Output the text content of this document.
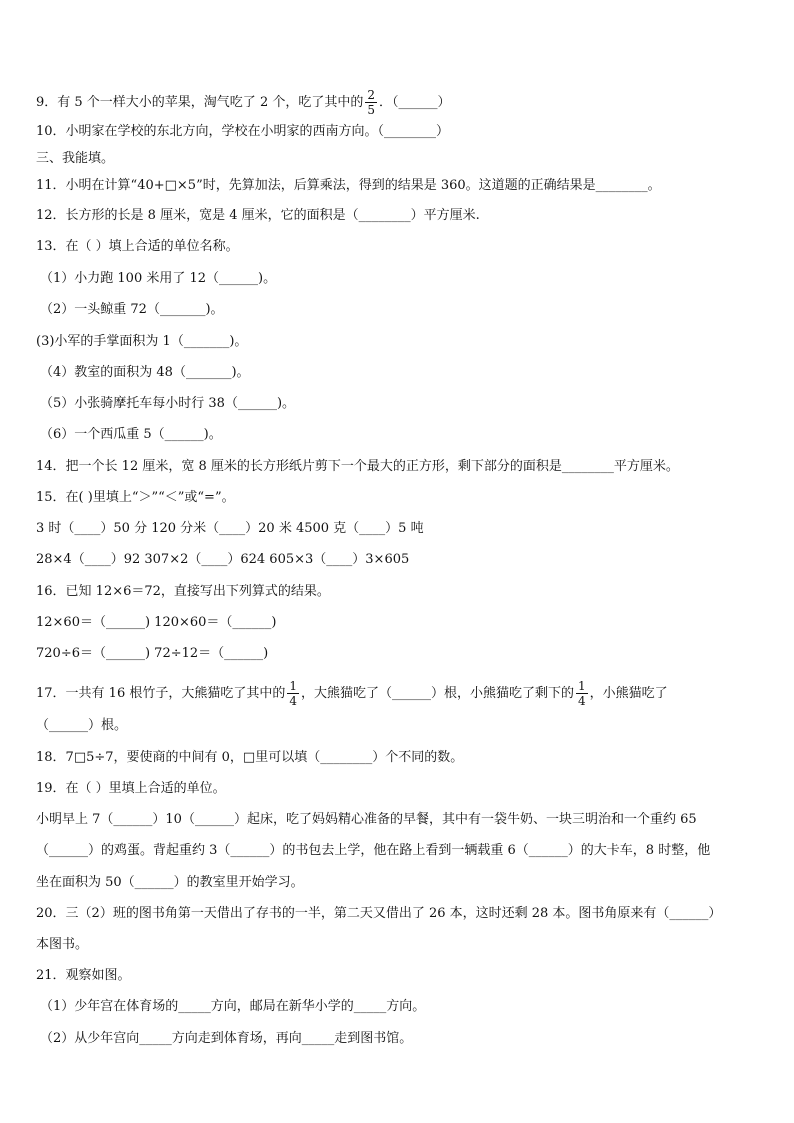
9．有 5 个一样大小的苹果，淘气吃了 2 个，吃了其中的 $\frac{2}{5}$ ．（______）
10．小明家在学校的东北方向，学校在小明家的西南方向。（________）
三、我能填。
11．小明在计算“40+□×5”时，先算加法，后算乘法，得到的结果是 360。这道题的正确结果是________。
12．长方形的长是 8 厘米，宽是 4 厘米，它的面积是（________）平方厘米.
13．在（ ）填上合适的单位名称。
（1）小力跑 100 米用了 12（______)。
（2）一头鲸重 72（_______)。
(3)小军的手掌面积为 1（_______)。
（4）教室的面积为 48（_______)。
（5）小张骑摩托车每小时行 38（______)。
（6）一个西瓜重 5（______)。
14．把一个长 12 厘米，宽 8 厘米的长方形纸片剪下一个最大的正方形，剩下部分的面积是________平方厘米。
15．在( )里填上“＞”“＜”或“=”。
3 时（____）50 分 120 分米（____）20 米 4500 克（____）5 吨
28×4（____）92 307×2（____）624 605×3（____）3×605
16．已知 12×6＝72，直接写出下列算式的结果。
12×60＝（______) 120×60＝（______)
720÷6＝（______) 72÷12＝（______)
17．一共有 16 根竹子，大熊猫吃了其中的 $\frac{1}{4}$ ，大熊猫吃了（______）根，小熊猫吃了剩下的 $\frac{1}{4}$ ，小熊猫吃了
（______）根。
18．7□5÷7，要使商的中间有 0，□里可以填（________）个不同的数。
19．在（ ）里填上合适的单位。
小明早上 7（______）10（______）起床，吃了妈妈精心准备的早餐，其中有一袋牛奶、一块三明治和一个重约 65
（______）的鸡蛋。背起重约 3（______）的书包去上学，他在路上看到一辆载重 6（______）的大卡车，8 时整，他
坐在面积为 50（______）的教室里开始学习。
20．三（2）班的图书角第一天借出了存书的一半，第二天又借出了 26 本，这时还剩 28 本。图书角原来有（______）
本图书。
21．观察如图。
（1）少年宫在体育场的_____方向，邮局在新华小学的_____方向。
（2）从少年宫向_____方向走到体育场，再向_____走到图书馆。
